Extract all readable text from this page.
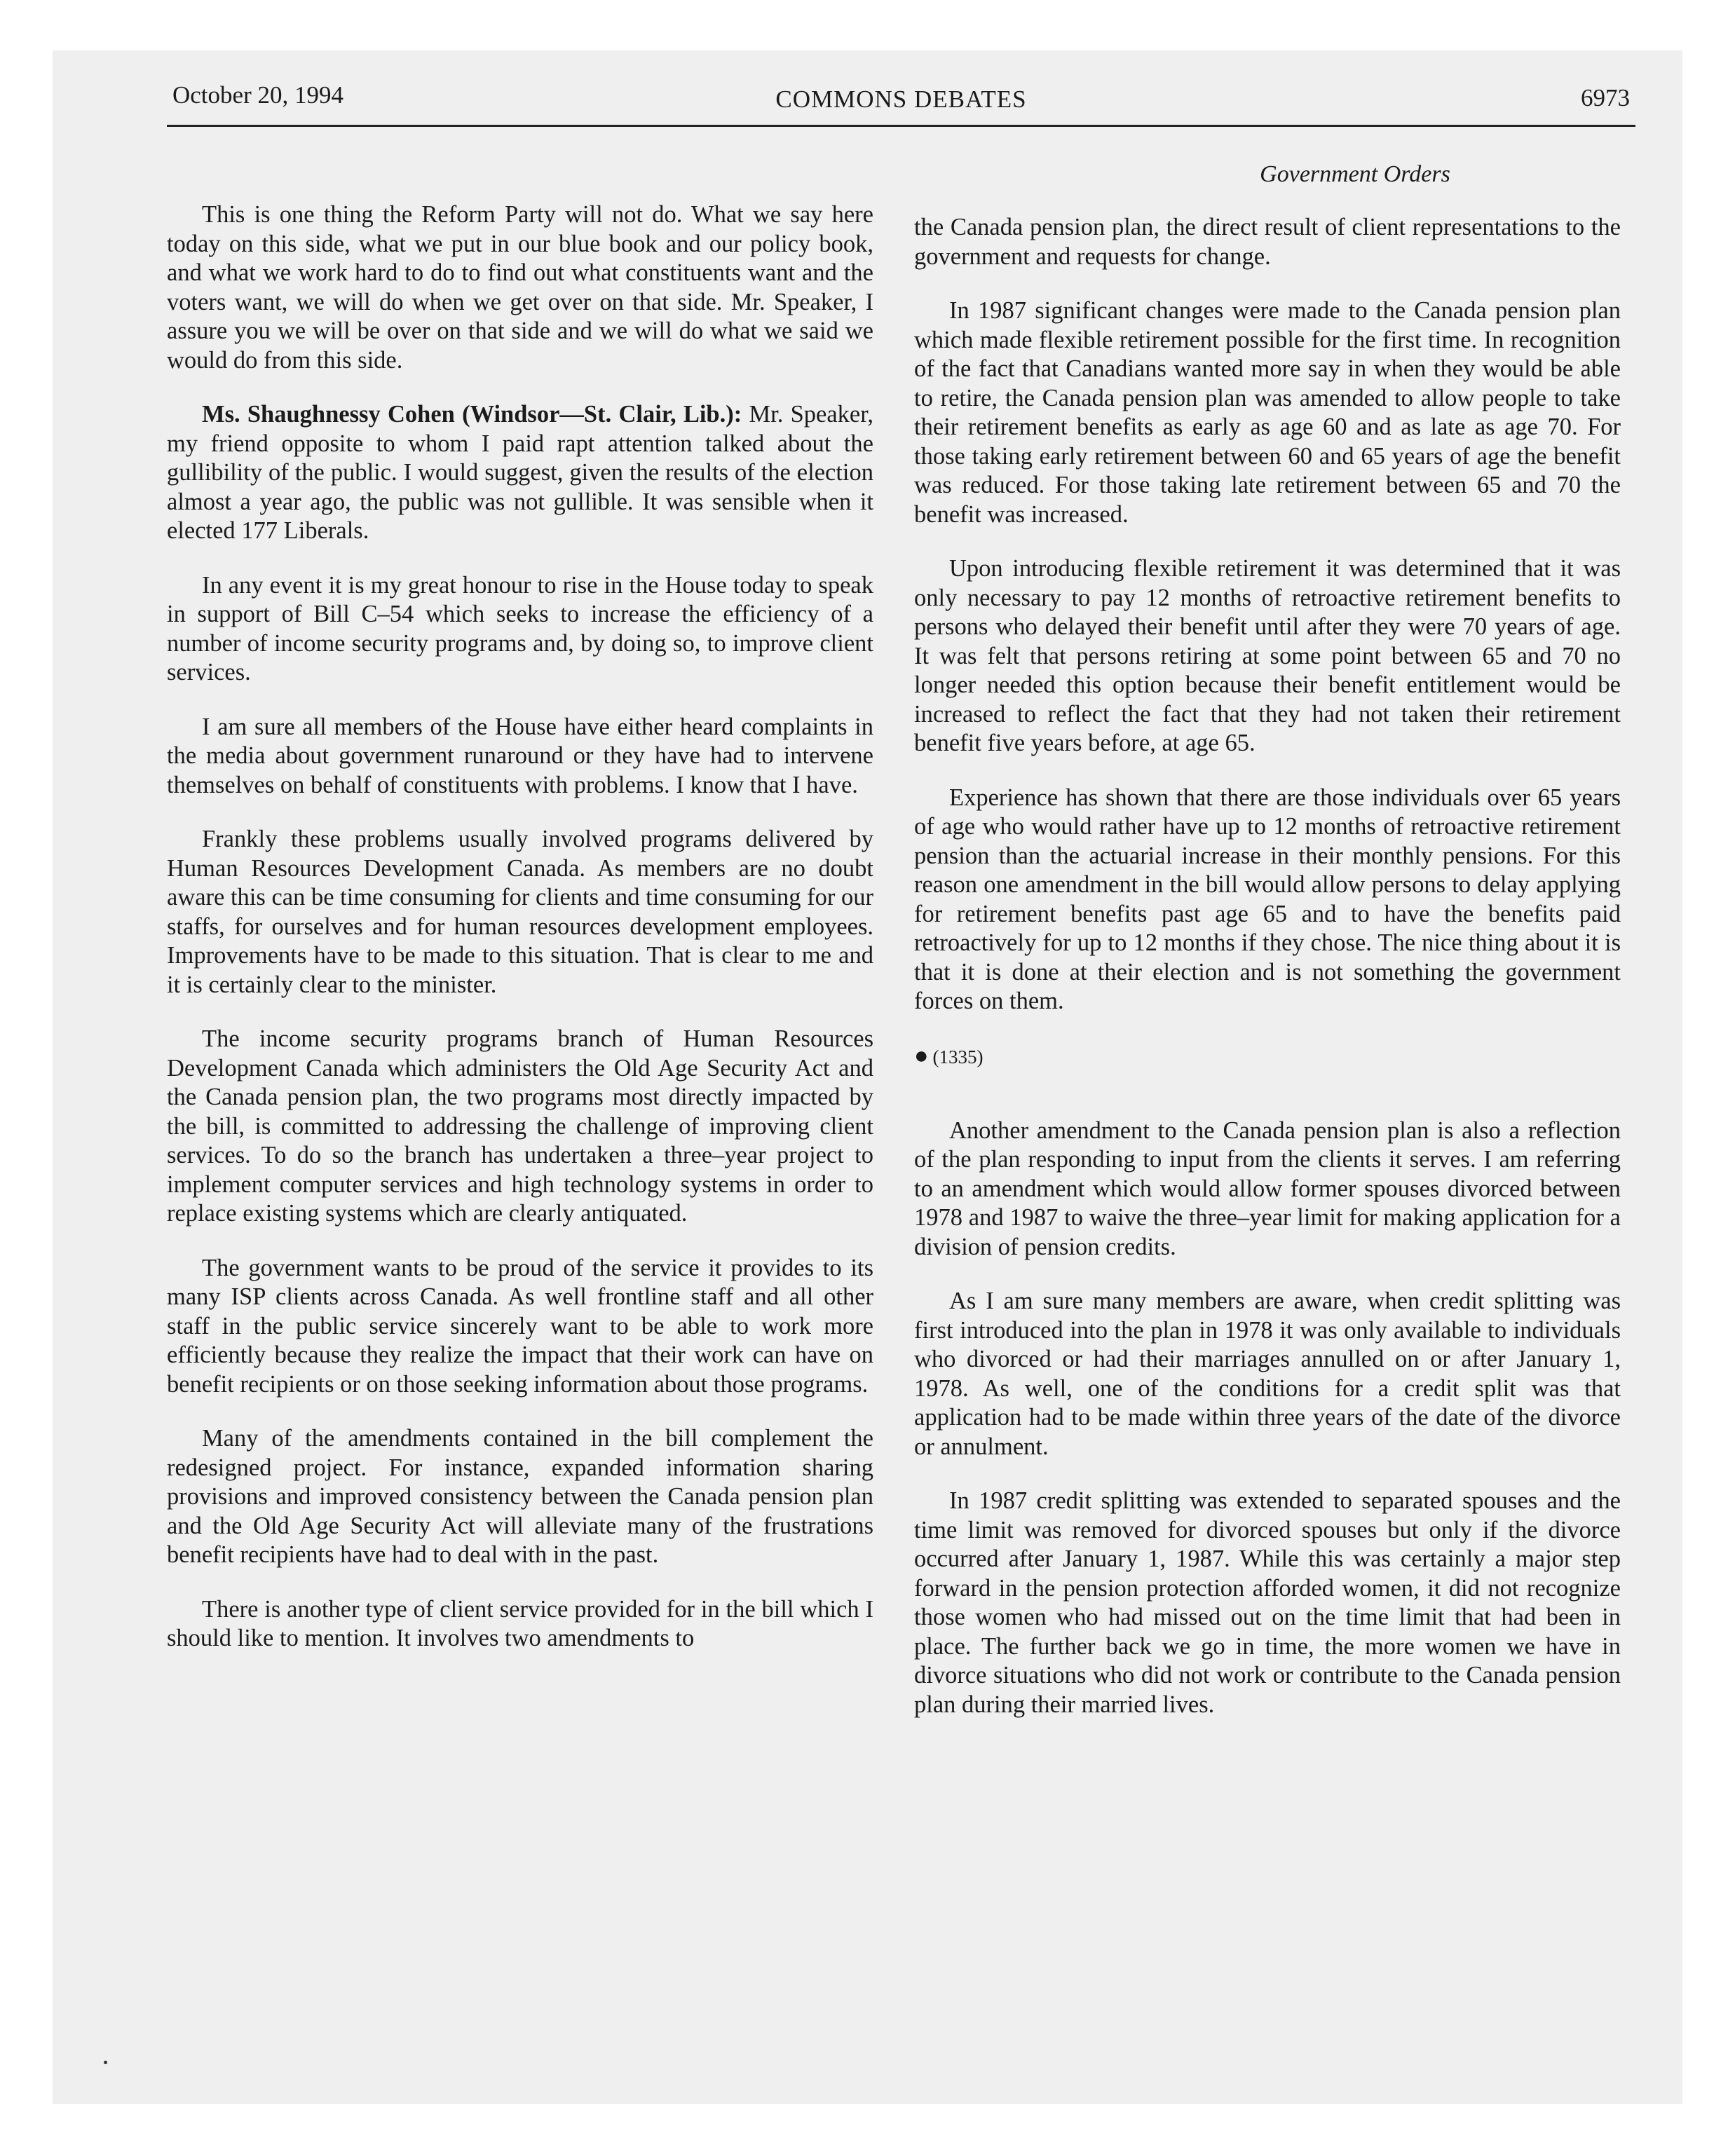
October 20, 1994	COMMONS DEBATES	6973
Government Orders

This is one thing the Reform Party will not do. What we say here today on this side, what we put in our blue book and our policy book, and what we work hard to do to find out what constituents want and the voters want, we will do when we get over on that side. Mr. Speaker, I assure you we will be over on that side and we will do what we said we would do from this side.

Ms. Shaughnessy Cohen (Windsor—St. Clair, Lib.): Mr. Speaker, my friend opposite to whom I paid rapt attention talked about the gullibility of the public. I would suggest, given the results of the election almost a year ago, the public was not gullible. It was sensible when it elected 177 Liberals.

In any event it is my great honour to rise in the House today to speak in support of Bill C–54 which seeks to increase the efficiency of a number of income security programs and, by doing so, to improve client services.

I am sure all members of the House have either heard complaints in the media about government runaround or they have had to intervene themselves on behalf of constituents with problems. I know that I have.

Frankly these problems usually involved programs delivered by Human Resources Development Canada. As members are no doubt aware this can be time consuming for clients and time consuming for our staffs, for ourselves and for human resources development employees. Improvements have to be made to this situation. That is clear to me and it is certainly clear to the minister.

The income security programs branch of Human Resources Development Canada which administers the Old Age Security Act and the Canada pension plan, the two programs most directly impacted by the bill, is committed to addressing the challenge of improving client services. To do so the branch has undertaken a three–year project to implement computer services and high technology systems in order to replace existing systems which are clearly antiquated.

The government wants to be proud of the service it provides to its many ISP clients across Canada. As well frontline staff and all other staff in the public service sincerely want to be able to work more efficiently because they realize the impact that their work can have on benefit recipients or on those seeking information about those programs.

Many of the amendments contained in the bill complement the redesigned project. For instance, expanded information sharing provisions and improved consistency between the Canada pension plan and the Old Age Security Act will alleviate many of the frustrations benefit recipients have had to deal with in the past.

There is another type of client service provided for in the bill which I should like to mention. It involves two amendments to

the Canada pension plan, the direct result of client representations to the government and requests for change.

In 1987 significant changes were made to the Canada pension plan which made flexible retirement possible for the first time. In recognition of the fact that Canadians wanted more say in when they would be able to retire, the Canada pension plan was amended to allow people to take their retirement benefits as early as age 60 and as late as age 70. For those taking early retirement between 60 and 65 years of age the benefit was reduced. For those taking late retirement between 65 and 70 the benefit was increased.

Upon introducing flexible retirement it was determined that it was only necessary to pay 12 months of retroactive retirement benefits to persons who delayed their benefit until after they were 70 years of age. It was felt that persons retiring at some point between 65 and 70 no longer needed this option because their benefit entitlement would be increased to reflect the fact that they had not taken their retirement benefit five years before, at age 65.

Experience has shown that there are those individuals over 65 years of age who would rather have up to 12 months of retroactive retirement pension than the actuarial increase in their monthly pensions. For this reason one amendment in the bill would allow persons to delay applying for retirement benefits past age 65 and to have the benefits paid retroactively for up to 12 months if they chose. The nice thing about it is that it is done at their election and is not something the government forces on them.

● (1335)

Another amendment to the Canada pension plan is also a reflection of the plan responding to input from the clients it serves. I am referring to an amendment which would allow former spouses divorced between 1978 and 1987 to waive the three–year limit for making application for a division of pension credits.

As I am sure many members are aware, when credit splitting was first introduced into the plan in 1978 it was only available to individuals who divorced or had their marriages annulled on or after January 1, 1978. As well, one of the conditions for a credit split was that application had to be made within three years of the date of the divorce or annulment.

In 1987 credit splitting was extended to separated spouses and the time limit was removed for divorced spouses but only if the divorce occurred after January 1, 1987. While this was certainly a major step forward in the pension protection afforded women, it did not recognize those women who had missed out on the time limit that had been in place. The further back we go in time, the more women we have in divorce situations who did not work or contribute to the Canada pension plan during their married lives.
